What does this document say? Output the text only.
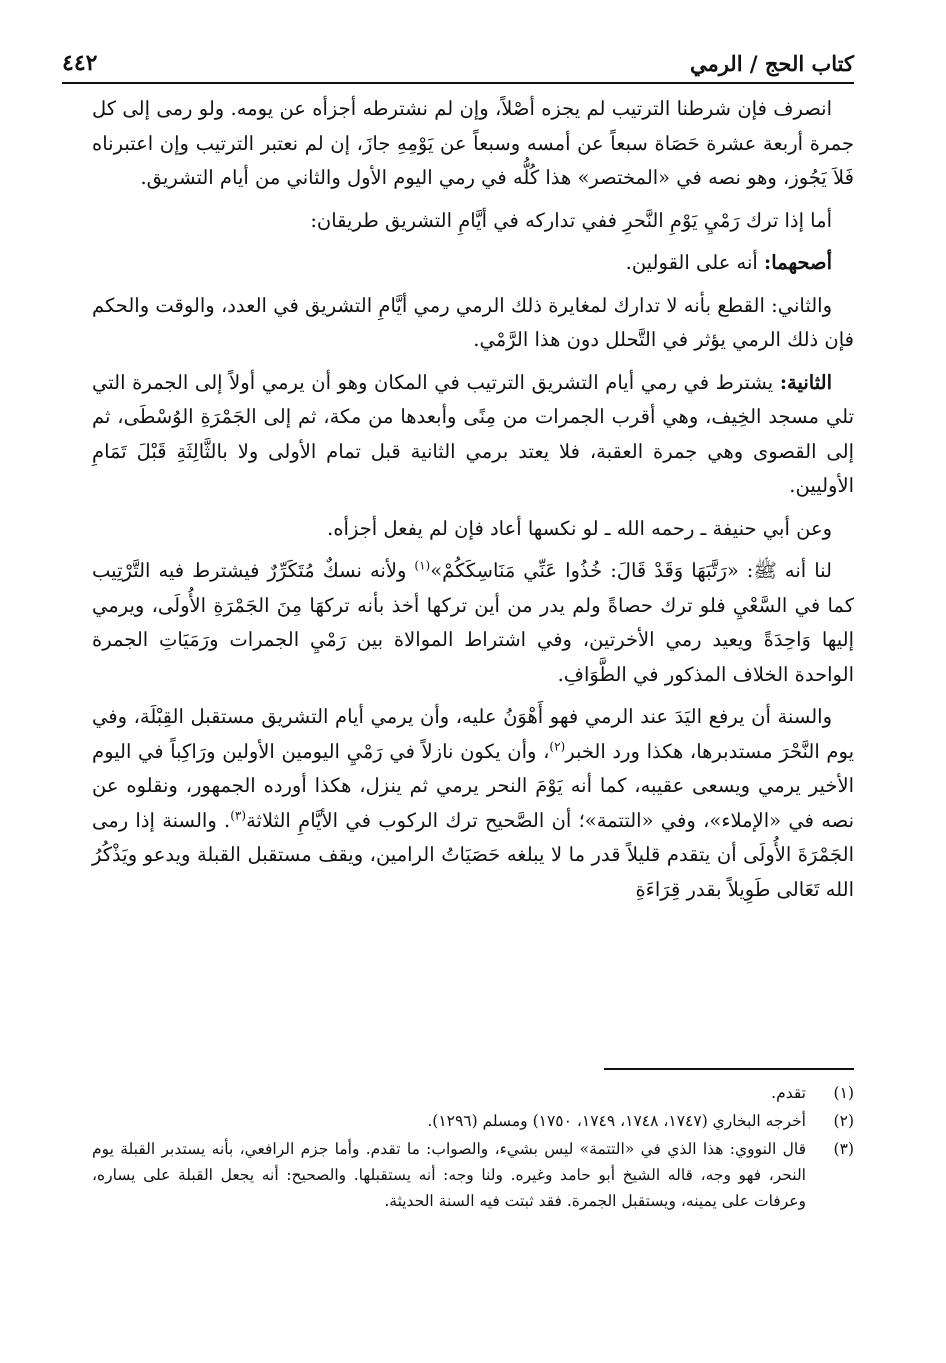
كتاب الحج / الرمي
٤٤٢

انصرف فإن شرطنا الترتيب لم يجزه أصْلاً، وإن لم نشترطه أجزأه عن يومه. ولو رمى إلى كل جمرة أربعة عشرة حَصَاة سبعاً عن أمسه وسبعاً عن يَوْمِهِ جازَ، إن لم نعتبر الترتيب وإن اعتبرناه فَلاَ يَجُوز، وهو نصه في «المختصر» هذا كُلُّه في رمي اليوم الأول والثاني من أيام التشريق.

أما إذا ترك رَمْيِ يَوْمِ النَّحرِ ففي تداركه في أيَّامِ التشريق طريقان:

أصحهما: أنه على القولين.

والثاني: القطع بأنه لا تدارك لمغايرة ذلك الرمي رمي أيَّامِ التشريق في العدد، والوقت والحكم فإن ذلك الرمي يؤثر في التَّحلل دون هذا الرَّمْي.

الثانية: يشترط في رمي أيام التشريق الترتيب في المكان وهو أن يرمي أولاً إلى الجمرة التي تلي مسجد الخِيف، وهي أقرب الجمرات من مِنًى وأبعدها من مكة، ثم إلى الجَمْرَةِ الوُسْطَى، ثم إلى القصوى وهي جمرة العقبة، فلا يعتد برمي الثانية قبل تمام الأولى ولا بالثَّالِثَةِ قَبْلَ تَمَامِ الأوليين.

وعن أبي حنيفة ـ رحمه الله ـ لو نكسها أعاد فإن لم يفعل أجزأه.

لنا أنه ﷺ: «رَتَّبَهَا وَقَدْ قَالَ: خُذُوا عَنِّي مَنَاسِكَكُمْ»$^{(١)}$ ولأنه نسكٌ مُتَكَرِّرٌ فيشترط فيه التَّرْتِيب كما في السَّعْيِ فلو ترك حصاةً ولم يدر من أين تركها أخذ بأنه تركهَا مِنَ الجَمْرَةِ الأُولَى، ويرمي إليها وَاحِدَةً ويعيد رمي الأخرتين، وفي اشتراط الموالاة بين رَمْيِ الجمرات ورَمَيَاتِ الجمرة الواحدة الخلاف المذكور في الطَّوَافِ.

والسنة أن يرفع اليَدَ عند الرمي فهو أَهْوَنُ عليه، وأن يرمي أيام التشريق مستقبل القِبْلَة، وفي يوم النَّحْرَ مستدبرها، هكذا ورد الخبر$^{(٢)}$، وأن يكون نازلاً في رَمْيِ اليومين الأولين ورَاكِباً في اليوم الأخير يرمي ويسعى عقيبه، كما أنه يَوْمَ النحر يرمي ثم ينزل، هكذا أورده الجمهور، ونقلوه عن نصه في «الإملاء»، وفي «التتمة»؛ أن الصَّحيح ترك الركوب في الأيَّامِ الثلاثة$^{(٣)}$. والسنة إذا رمى الجَمْرَةَ الأُولَى أن يتقدم قليلاً قدر ما لا يبلغه حَصَيَاتُ الرامين، ويقف مستقبل القبلة ويدعو ويَذْكُرُ الله تَعَالى طَوِيلاً بقدر قِرَاءَةِ

(١)
تقدم.
(٢)
أخرجه البخاري (١٧٤٧، ١٧٤٨، ١٧٤٩، ١٧٥٠) ومسلم (١٢٩٦).
(٣)
قال النووي: هذا الذي في «التتمة» ليس بشيء، والصواب: ما تقدم. وأما جزم الرافعي، بأنه يستدبر القبلة يوم النحر، فهو وجه، قاله الشيخ أبو حامد وغيره. ولنا وجه: أنه يستقبلها. والصحيح: أنه يجعل القبلة على يساره، وعرفات على يمينه، ويستقبل الجمرة. فقد ثبتت فيه السنة الحديثة.
